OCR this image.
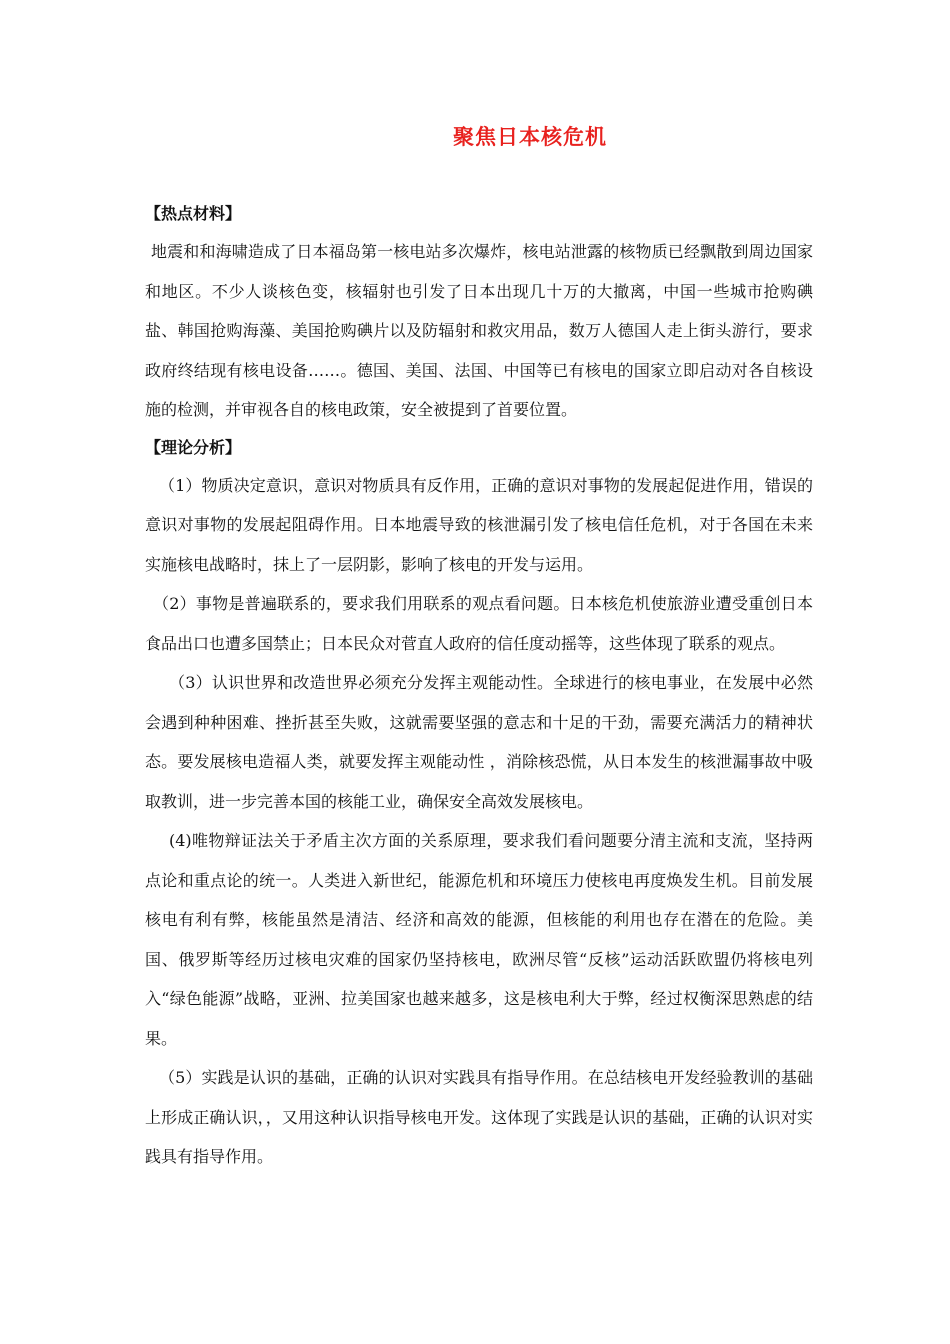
聚焦日本核危机
【热点材料】

地震和和海啸造成了日本福岛第一核电站多次爆炸，核电站泄露的核物质已经飘散到周边国家和地区。不少人谈核色变，核辐射也引发了日本出现几十万的大撤离，中国一些城市抢购碘盐、韩国抢购海藻、美国抢购碘片以及防辐射和救灾用品，数万人德国人走上街头游行，要求政府终结现有核电设备……。德国、美国、法国、中国等已有核电的国家立即启动对各自核设施的检测，并审视各自的核电政策，安全被提到了首要位置。

【理论分析】

（1）物质决定意识，意识对物质具有反作用，正确的意识对事物的发展起促进作用，错误的意识对事物的发展起阻碍作用。日本地震导致的核泄漏引发了核电信任危机，对于各国在未来实施核电战略时，抹上了一层阴影，影响了核电的开发与运用。

（2）事物是普遍联系的，要求我们用联系的观点看问题。日本核危机使旅游业遭受重创日本食品出口也遭多国禁止；日本民众对菅直人政府的信任度动摇等，这些体现了联系的观点。

（3）认识世界和改造世界必须充分发挥主观能动性。全球进行的核电事业，在发展中必然会遇到种种困难、挫折甚至失败，这就需要坚强的意志和十足的干劲，需要充满活力的精神状态。要发展核电造福人类，就要发挥主观能动性 ，消除核恐慌，从日本发生的核泄漏事故中吸取教训，进一步完善本国的核能工业，确保安全高效发展核电。

(4)唯物辩证法关于矛盾主次方面的关系原理，要求我们看问题要分清主流和支流，坚持两点论和重点论的统一。人类进入新世纪，能源危机和环境压力使核电再度焕发生机。目前发展核电有利有弊，核能虽然是清洁、经济和高效的能源，但核能的利用也存在潜在的危险。美国、俄罗斯等经历过核电灾难的国家仍坚持核电，欧洲尽管“反核”运动活跃欧盟仍将核电列入“绿色能源”战略，亚洲、拉美国家也越来越多，这是核电利大于弊，经过权衡深思熟虑的结果。

（5）实践是认识的基础，正确的认识对实践具有指导作用。在总结核电开发经验教训的基础上形成正确认识，，又用这种认识指导核电开发。这体现了实践是认识的基础，正确的认识对实践具有指导作用。
